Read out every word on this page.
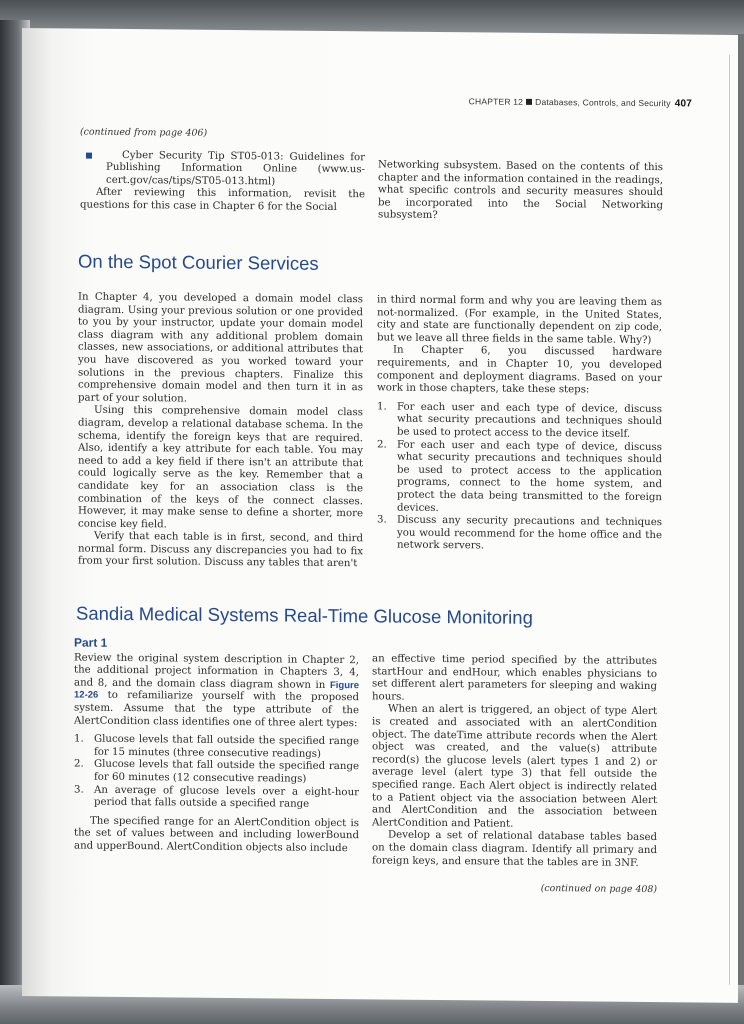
CHAPTER 12 Databases, Controls, and Security 407

(continued from page 406)

Cyber Security Tip ST05-013: Guidelines for Publishing Information Online (www.us-cert.gov/cas/tips/ST05-013.html)

After reviewing this information, revisit the questions for this case in Chapter 6 for the Social

Networking subsystem. Based on the contents of this chapter and the information contained in the readings, what specific controls and security measures should be incorporated into the Social Networking subsystem?

On the Spot Courier Services

In Chapter 4, you developed a domain model class diagram. Using your previous solution or one provided to you by your instructor, update your domain model class diagram with any additional problem domain classes, new associations, or additional attributes that you have discovered as you worked toward your solutions in the previous chapters. Finalize this comprehensive domain model and then turn it in as part of your solution.

Using this comprehensive domain model class diagram, develop a relational database schema. In the schema, identify the foreign keys that are required. Also, identify a key attribute for each table. You may need to add a key field if there isn't an attribute that could logically serve as the key. Remember that a candidate key for an association class is the combination of the keys of the connect classes. However, it may make sense to define a shorter, more concise key field.

Verify that each table is in first, second, and third normal form. Discuss any discrepancies you had to fix from your first solution. Discuss any tables that aren't

in third normal form and why you are leaving them as not-normalized. (For example, in the United States, city and state are functionally dependent on zip code, but we leave all three fields in the same table. Why?)

In Chapter 6, you discussed hardware requirements, and in Chapter 10, you developed component and deployment diagrams. Based on your work in those chapters, take these steps:

1. For each user and each type of device, discuss what security precautions and techniques should be used to protect access to the device itself.
2. For each user and each type of device, discuss what security precautions and techniques should be used to protect access to the application programs, connect to the home system, and protect the data being transmitted to the foreign devices.
3. Discuss any security precautions and techniques you would recommend for the home office and the network servers.
Sandia Medical Systems Real-Time Glucose Monitoring
Part 1

Review the original system description in Chapter 2, the additional project information in Chapters 3, 4, and 8, and the domain class diagram shown in Figure 12-26 to refamiliarize yourself with the proposed system. Assume that the type attribute of the AlertCondition class identifies one of three alert types:

1. Glucose levels that fall outside the specified range for 15 minutes (three consecutive readings)
2. Glucose levels that fall outside the specified range for 60 minutes (12 consecutive readings)
3. An average of glucose levels over a eight-hour period that falls outside a specified range

The specified range for an AlertCondition object is the set of values between and including lowerBound and upperBound. AlertCondition objects also include

an effective time period specified by the attributes startHour and endHour, which enables physicians to set different alert parameters for sleeping and waking hours.

When an alert is triggered, an object of type Alert is created and associated with an alertCondition object. The dateTime attribute records when the Alert object was created, and the value(s) attribute record(s) the glucose levels (alert types 1 and 2) or average level (alert type 3) that fell outside the specified range. Each Alert object is indirectly related to a Patient object via the association between Alert and AlertCondition and the association between AlertCondition and Patient.

Develop a set of relational database tables based on the domain class diagram. Identify all primary and foreign keys, and ensure that the tables are in 3NF.

(continued on page 408)
